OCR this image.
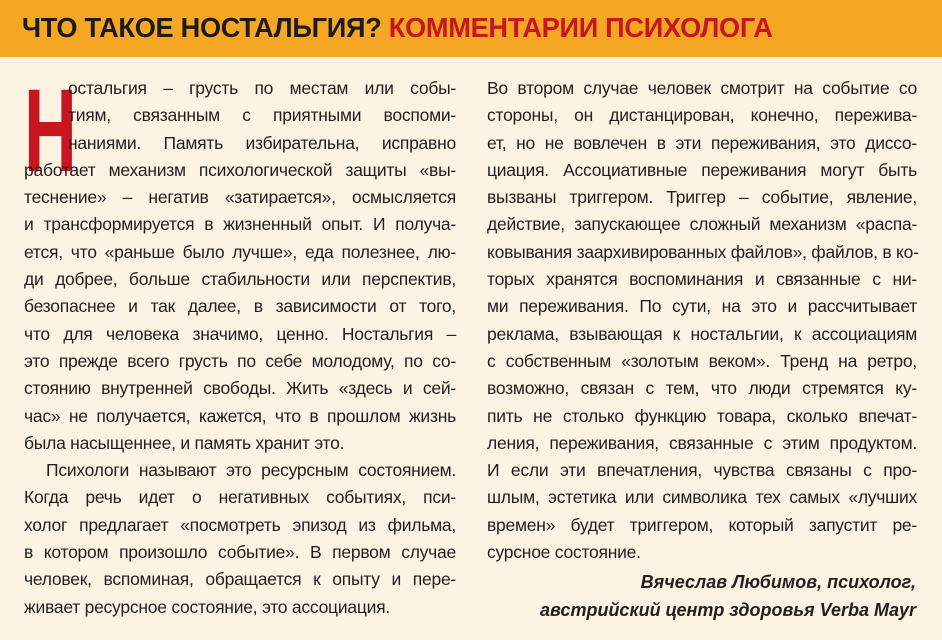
ЧТО ТАКОЕ НОСТАЛЬГИЯ? КОММЕНТАРИИ ПСИХОЛОГА
Н
остальгия – грусть по местам или собы-
тиям, связанным с приятными воспоми-
наниями. Память избирательна, исправно
работает механизм психологической защиты «вы-
теснение» – негатив «затирается», осмысляется
и трансформируется в жизненный опыт. И получа-
ется, что «раньше было лучше», еда полезнее, лю-
ди добрее, больше стабильности или перспектив,
безопаснее и так далее, в зависимости от того,
что для человека значимо, ценно. Ностальгия –
это прежде всего грусть по себе молодому, по со-
стоянию внутренней свободы. Жить «здесь и сей-
час» не получается, кажется, что в прошлом жизнь
была насыщеннее, и память хранит это.
Психологи называют это ресурсным состоянием.
Когда речь идет о негативных событиях, пси-
холог предлагает «посмотреть эпизод из фильма,
в котором произошло событие». В первом случае
человек, вспоминая, обращается к опыту и пере-
живает ресурсное состояние, это ассоциация.
Во втором случае человек смотрит на событие со
стороны, он дистанцирован, конечно, пережива-
ет, но не вовлечен в эти переживания, это диссо-
циация. Ассоциативные переживания могут быть
вызваны триггером. Триггер – событие, явление,
действие, запускающее сложный механизм «распа-
ковывания заархивированных файлов», файлов, в ко-
торых хранятся воспоминания и связанные с ни-
ми переживания. По сути, на это и рассчитывает
реклама, взывающая к ностальгии, к ассоциациям
с собственным «золотым веком». Тренд на ретро,
возможно, связан с тем, что люди стремятся ку-
пить не столько функцию товара, сколько впечат-
ления, переживания, связанные с этим продуктом.
И если эти впечатления, чувства связаны с про-
шлым, эстетика или символика тех самых «лучших
времен» будет триггером, который запустит ре-
сурсное состояние.
Вячеслав Любимов, психолог,
австрийский центр здоровья Verba Mayr
